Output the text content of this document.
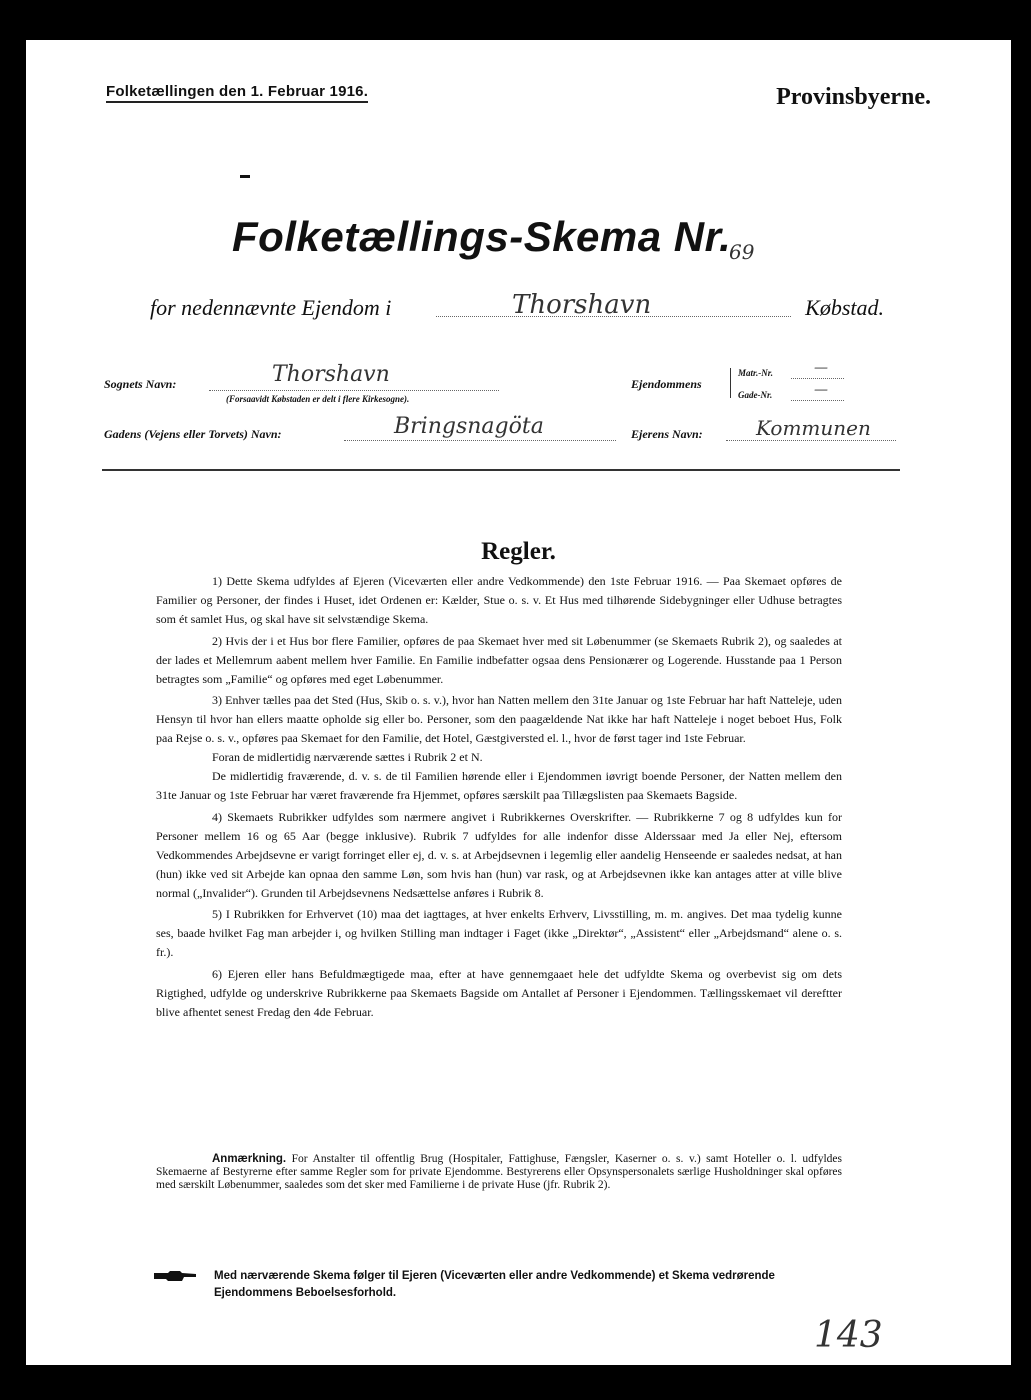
Folketællingen den 1. Februar 1916.	Provinsbyerne.
Folketællings-Skema Nr.
69
for nedennævnte Ejendom i	Thorshavn	Købstad.
Sognets Navn:	Thorshavn
(Forsaavidt Købstaden er delt i flere Kirkesogne).
Ejendommens
Matr.-Nr.	—
Gade-Nr.	—
Gadens (Vejens eller Torvets) Navn:	Bringsnagöta	Ejerens Navn:	Kommunen
Regler.

1) Dette Skema udfyldes af Ejeren (Viceværten eller andre Vedkommende) den 1ste Februar 1916. — Paa Skemaet opføres de Familier og Personer, der findes i Huset, idet Ordenen er: Kælder, Stue o. s. v. Et Hus med tilhørende Sidebygninger eller Udhuse betragtes som ét samlet Hus, og skal have sit selvstændige Skema.

2) Hvis der i et Hus bor flere Familier, opføres de paa Skemaet hver med sit Løbenummer (se Skemaets Rubrik 2), og saaledes at der lades et Mellemrum aabent mellem hver Familie. En Familie indbefatter ogsaa dens Pensionærer og Logerende. Husstande paa 1 Person betragtes som „Familie“ og opføres med eget Løbenummer.

3) Enhver tælles paa det Sted (Hus, Skib o. s. v.), hvor han Natten mellem den 31te Januar og 1ste Februar har haft Natteleje, uden Hensyn til hvor han ellers maatte opholde sig eller bo. Personer, som den paagældende Nat ikke har haft Natteleje i noget beboet Hus, Folk paa Rejse o. s. v., opføres paa Skemaet for den Familie, det Hotel, Gæstgiversted el. l., hvor de først tager ind 1ste Februar.

Foran de midlertidig nærværende sættes i Rubrik 2 et N.

De midlertidig fraværende, d. v. s. de til Familien hørende eller i Ejendommen iøvrigt boende Personer, der Natten mellem den 31te Januar og 1ste Februar har været fraværende fra Hjemmet, opføres særskilt paa Tillægslisten paa Skemaets Bagside.

4) Skemaets Rubrikker udfyldes som nærmere angivet i Rubrikkernes Overskrifter. — Rubrikkerne 7 og 8 udfyldes kun for Personer mellem 16 og 65 Aar (begge inklusive). Rubrik 7 udfyldes for alle indenfor disse Alderssaar med Ja eller Nej, eftersom Vedkommendes Arbejdsevne er varigt forringet eller ej, d. v. s. at Arbejdsevnen i legemlig eller aandelig Henseende er saaledes nedsat, at han (hun) ikke ved sit Arbejde kan opnaa den samme Løn, som hvis han (hun) var rask, og at Arbejdsevnen ikke kan antages atter at ville blive normal („Invalider“). Grunden til Arbejdsevnens Nedsættelse anføres i Rubrik 8.

5) I Rubrikken for Erhvervet (10) maa det iagttages, at hver enkelts Erhverv, Livsstilling, m. m. angives. Det maa tydelig kunne ses, baade hvilket Fag man arbejder i, og hvilken Stilling man indtager i Faget (ikke „Direktør“, „Assistent“ eller „Arbejdsmand“ alene o. s. fr.).

6) Ejeren eller hans Befuldmægtigede maa, efter at have gennemgaaet hele det udfyldte Skema og overbevist sig om dets Rigtighed, udfylde og underskrive Rubrikkerne paa Skemaets Bagside om Antallet af Personer i Ejendommen. Tællingsskemaet vil dereftter blive afhentet senest Fredag den 4de Februar.

Anmærkning. For Anstalter til offentlig Brug (Hospitaler, Fattighuse, Fængsler, Kaserner o. s. v.) samt Hoteller o. l. udfyldes Skemaerne af Bestyrerne efter samme Regler som for private Ejendomme. Bestyrerens eller Opsynspersonalets særlige Husholdninger skal opføres med særskilt Løbenummer, saaledes som det sker med Familierne i de private Huse (jfr. Rubrik 2).
Med nærværende Skema følger til Ejeren (Viceværten eller andre Vedkommende) et Skema vedrørende Ejendommens Beboelsesforhold.
143
